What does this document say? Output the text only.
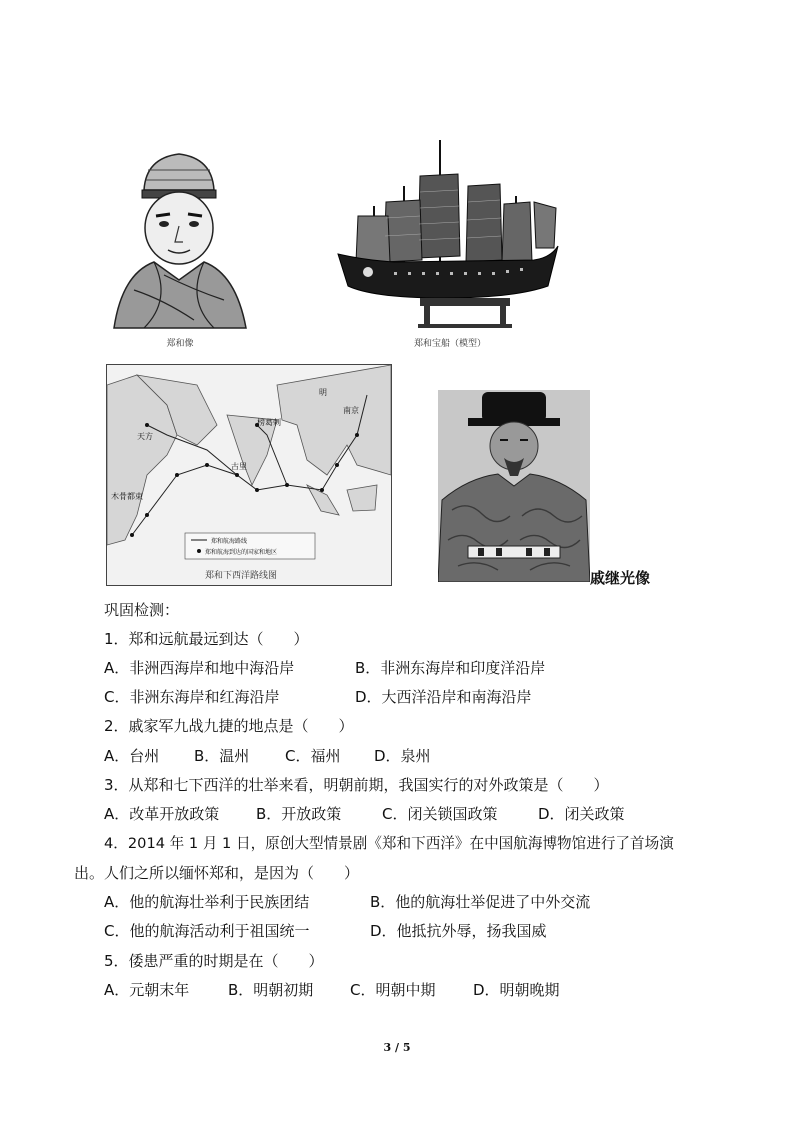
郑和像	郑和宝船（模型）
明
南京
榜葛剌
天方
古里
木骨都束
郑和航海路线
郑和航海到达的国家和地区
郑和下西洋路线图	戚继光像
巩固检测：
1．郑和远航最远到达（　　）
A．非洲西海岸和地中海沿岸	B．非洲东海岸和印度洋沿岸
C．非洲东海岸和红海沿岸	D．大西洋沿岸和南海沿岸
2．戚家军九战九捷的地点是（　　）
A．台州 B．温州 C．福州 D．泉州
3．从郑和七下西洋的壮举来看，明朝前期，我国实行的对外政策是（　　）
A．改革开放政策 B．开放政策	C．闭关锁国政策	D．闭关政策
4．2014 年 1 月 1 日，原创大型情景剧《郑和下西洋》在中国航海博物馆进行了首场演
出。人们之所以缅怀郑和，是因为（　　）
A．他的航海壮举利于民族团结	B．他的航海壮举促进了中外交流
C．他的航海活动利于祖国统一	D．他抵抗外辱，扬我国威
5．倭患严重的时期是在（　　）
A．元朝末年	B．明朝初期 C．明朝中期	D．明朝晚期
3 / 5
